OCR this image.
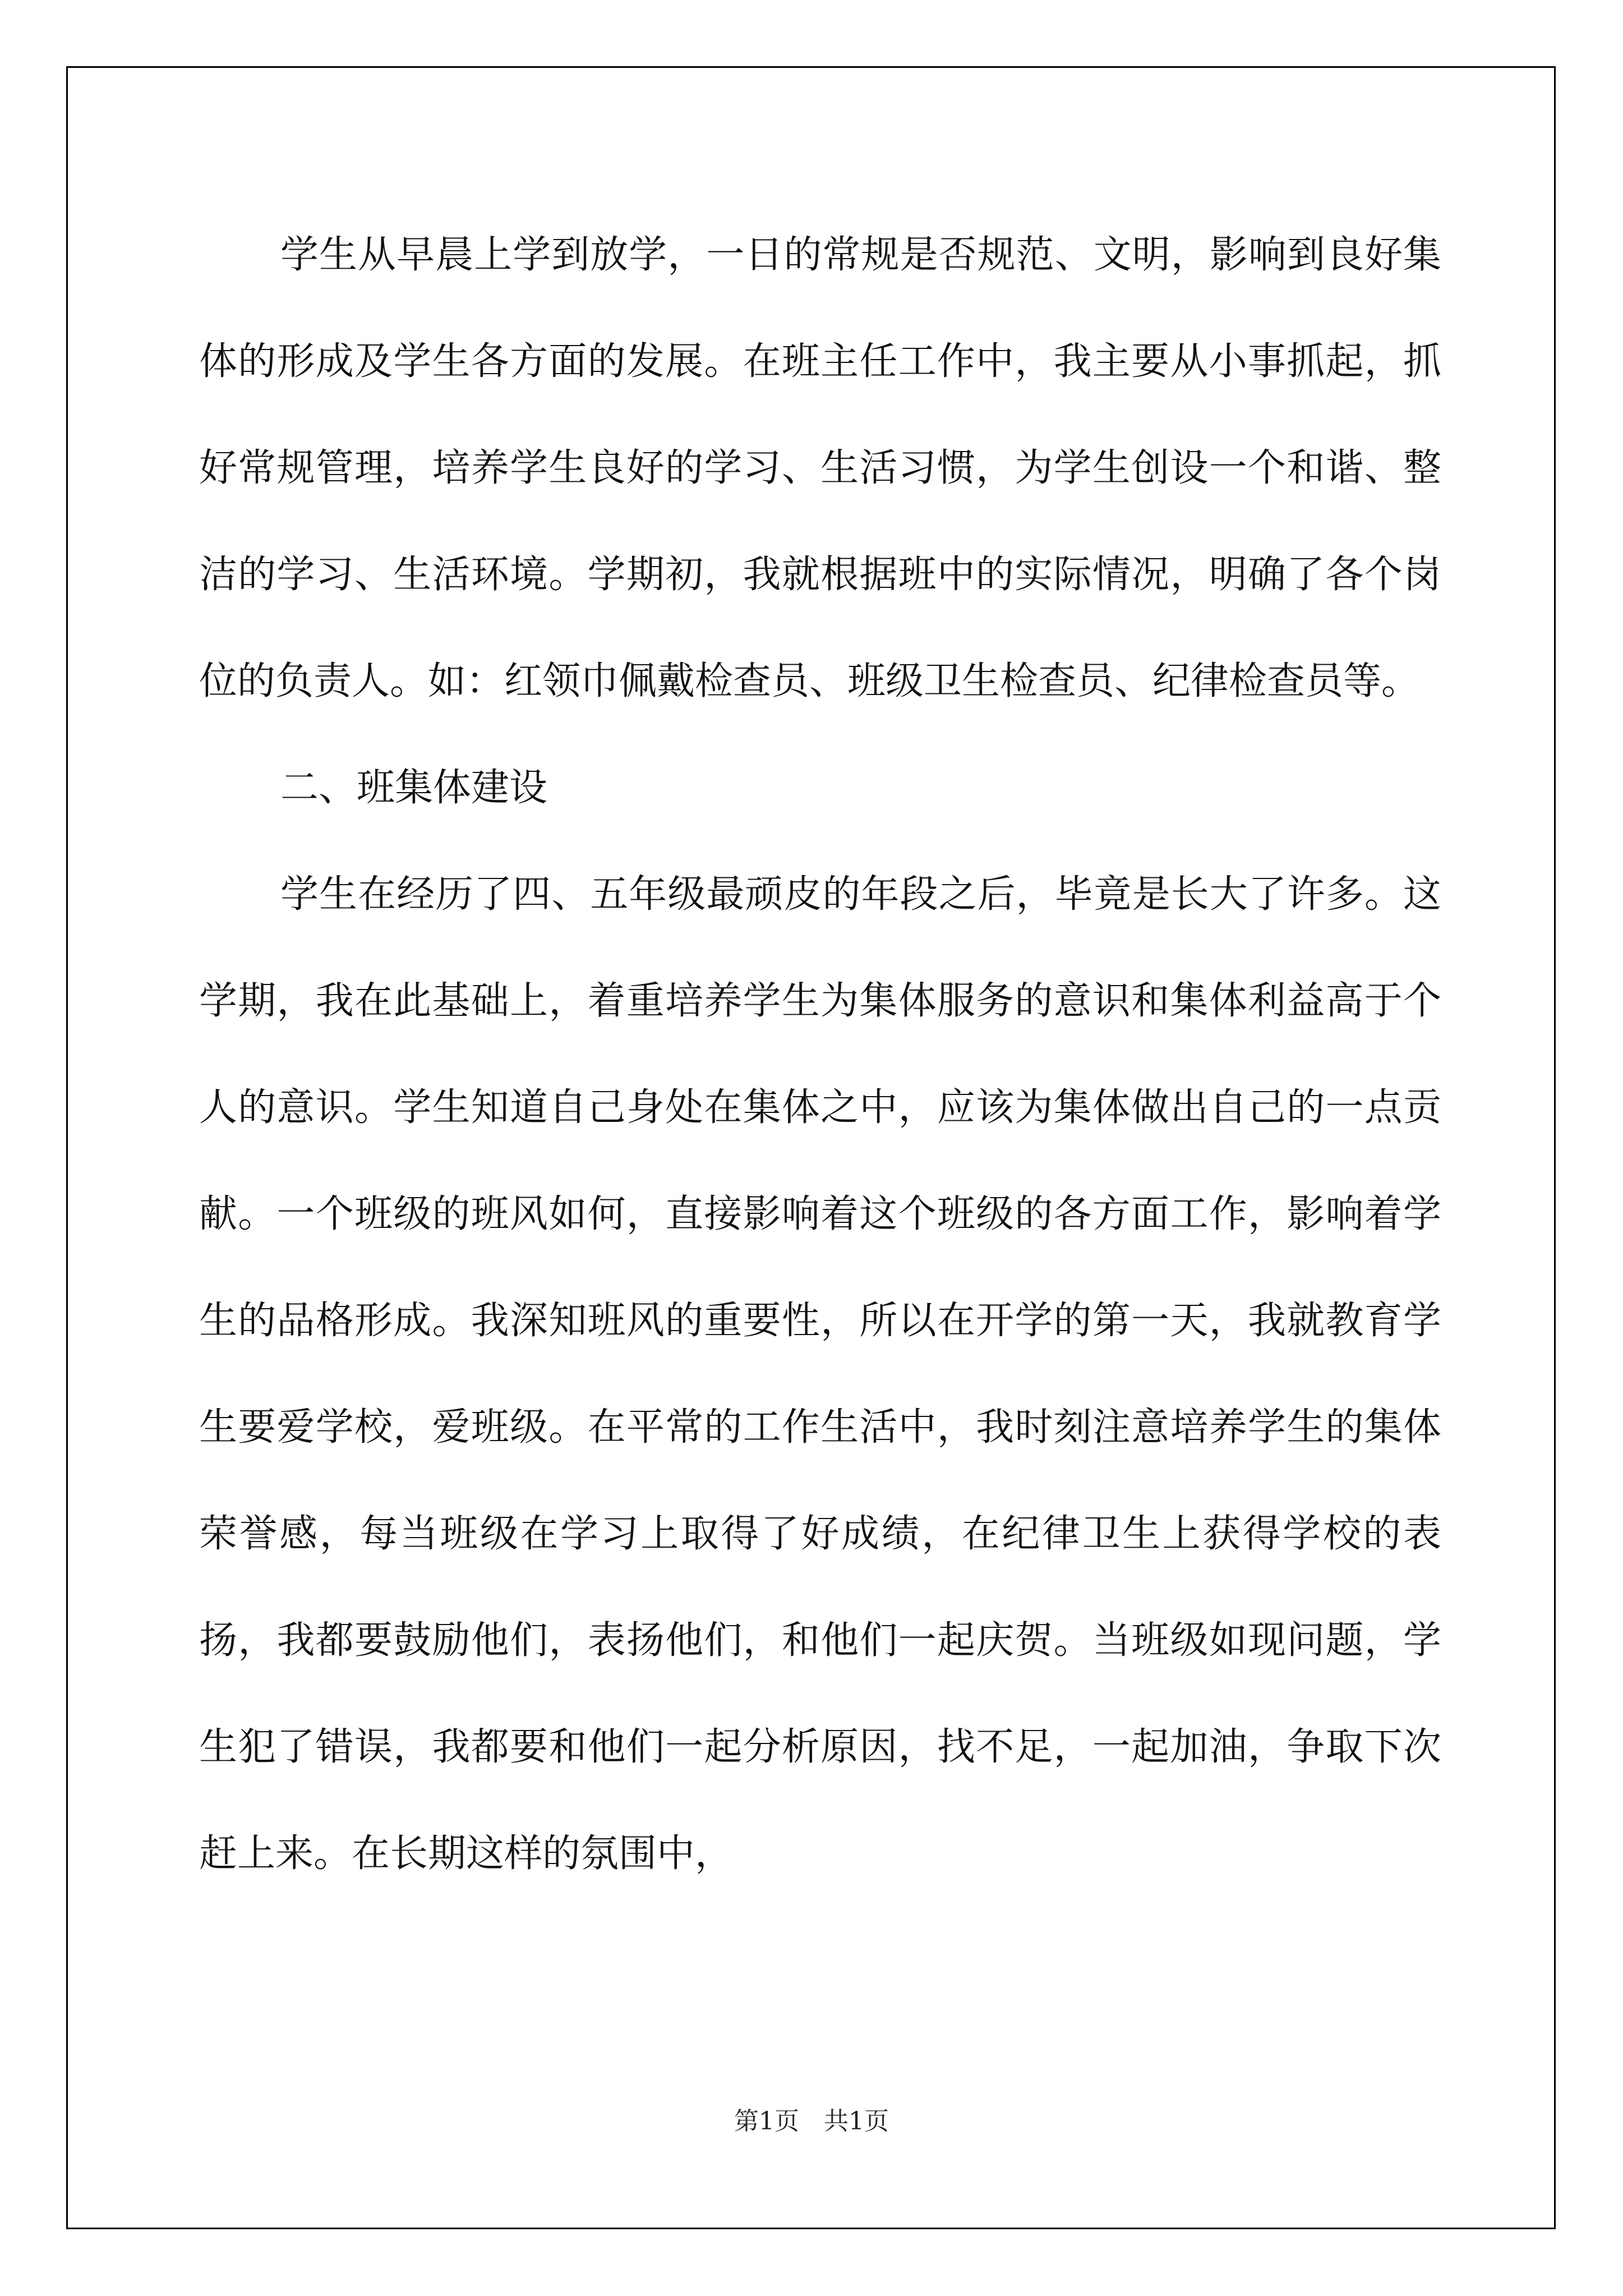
学生从早晨上学到放学，一日的常规是否规范、文明，影响到良好集体的形成及学生各方面的发展。在班主任工作中，我主要从小事抓起，抓好常规管理，培养学生良好的学习、生活习惯，为学生创设一个和谐、整洁的学习、生活环境。学期初，我就根据班中的实际情况，明确了各个岗位的负责人。如：红领巾佩戴检查员、班级卫生检查员、纪律检查员等。

二、班集体建设

学生在经历了四、五年级最顽皮的年段之后，毕竟是长大了许多。这学期，我在此基础上，着重培养学生为集体服务的意识和集体利益高于个人的意识。学生知道自己身处在集体之中，应该为集体做出自己的一点贡献。一个班级的班风如何，直接影响着这个班级的各方面工作，影响着学生的品格形成。我深知班风的重要性，所以在开学的第一天，我就教育学生要爱学校，爱班级。在平常的工作生活中，我时刻注意培养学生的集体荣誉感，每当班级在学习上取得了好成绩，在纪律卫生上获得学校的表扬，我都要鼓励他们，表扬他们，和他们一起庆贺。当班级如现问题，学生犯了错误，我都要和他们一起分析原因，找不足，一起加油，争取下次赶上来。在长期这样的氛围中，

第1页　共1页
